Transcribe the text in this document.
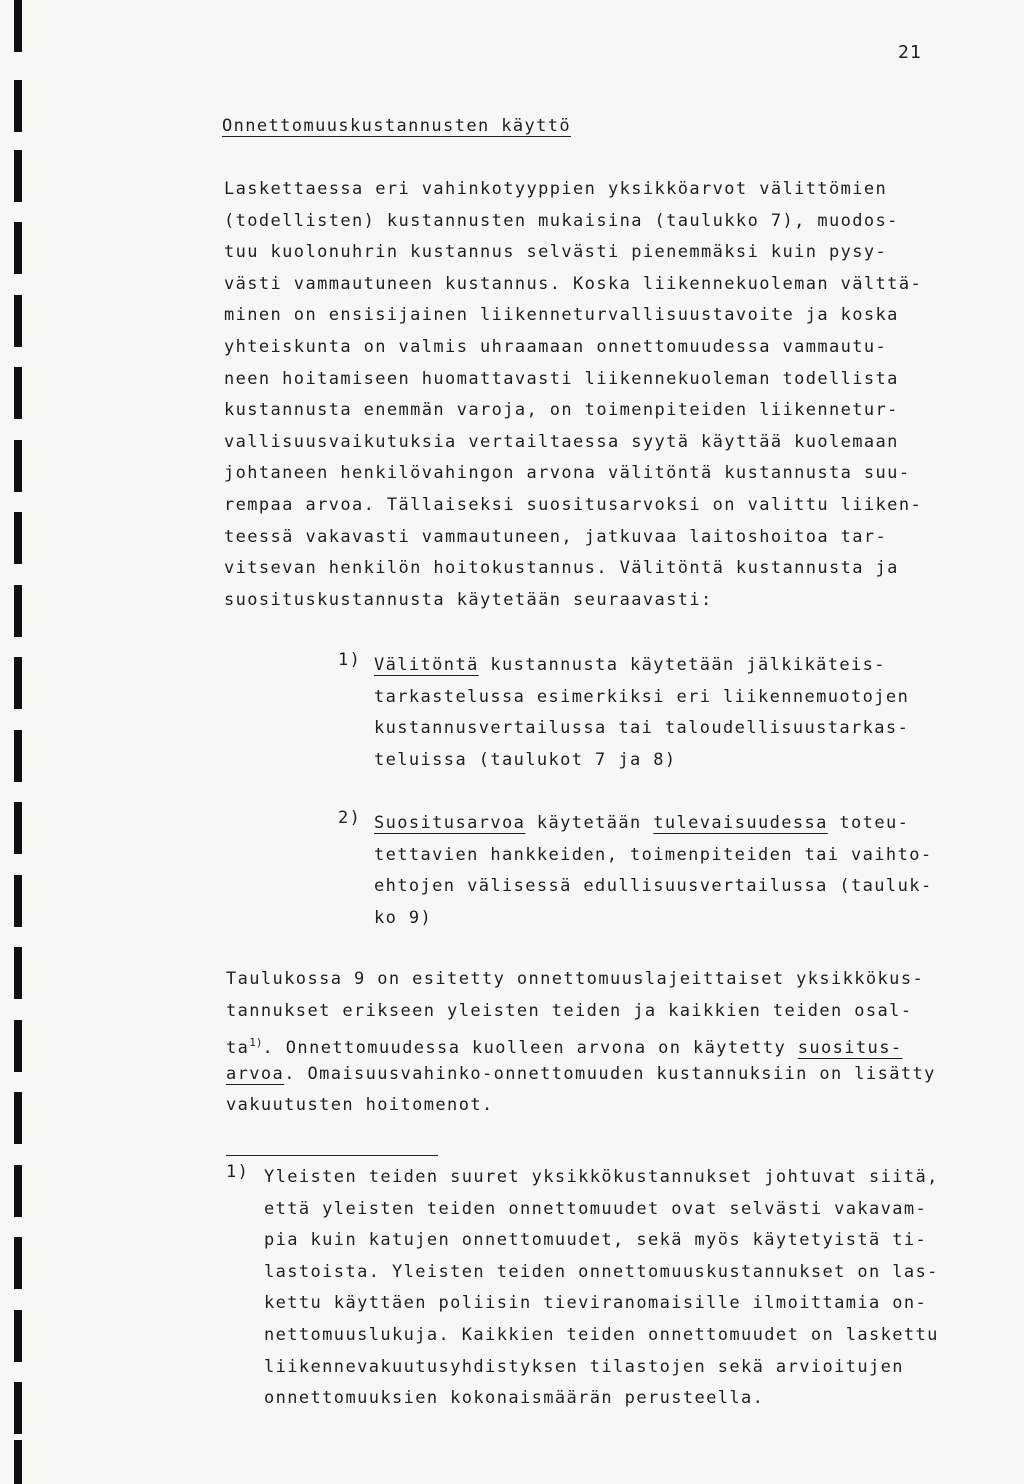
21
Onnettomuuskustannusten käyttö
Laskettaessa eri vahinkotyyppien yksikköarvot välittömien
(todellisten) kustannusten mukaisina (taulukko 7), muodos-
tuu kuolonuhrin kustannus selvästi pienemmäksi kuin pysy-
västi vammautuneen kustannus. Koska liikennekuoleman välttä-
minen on ensisijainen liikenneturvallisuustavoite ja koska
yhteiskunta on valmis uhraamaan onnettomuudessa vammautu-
neen hoitamiseen huomattavasti liikennekuoleman todellista
kustannusta enemmän varoja, on toimenpiteiden liikennetur-
vallisuusvaikutuksia vertailtaessa syytä käyttää kuolemaan
johtaneen henkilövahingon arvona välitöntä kustannusta suu-
rempaa arvoa. Tällaiseksi suositusarvoksi on valittu liiken-
teessä vakavasti vammautuneen, jatkuvaa laitoshoitoa tar-
vitsevan henkilön hoitokustannus. Välitöntä kustannusta ja
suosituskustannusta käytetään seuraavasti:
1) Välitöntä kustannusta käytetään jälkikäteis-
tarkastelussa esimerkiksi eri liikennemuotojen
kustannusvertailussa tai taloudellisuustarkas-
teluissa (taulukot 7 ja 8)
2) Suositusarvoa käytetään tulevaisuudessa toteu-
tettavien hankkeiden, toimenpiteiden tai vaihto-
ehtojen välisessä edullisuusvertailussa (tauluk-
ko 9)
Taulukossa 9 on esitetty onnettomuuslajeittaiset yksikkökus-
tannukset erikseen yleisten teiden ja kaikkien teiden osal-
ta$^{1)}$. Onnettomuudessa kuolleen arvona on käytetty suositus-
arvoa. Omaisuusvahinko-onnettomuuden kustannuksiin on lisätty
vakuutusten hoitomenot.
1) Yleisten teiden suuret yksikkökustannukset johtuvat siitä,
että yleisten teiden onnettomuudet ovat selvästi vakavam-
pia kuin katujen onnettomuudet, sekä myös käytetyistä ti-
lastoista. Yleisten teiden onnettomuuskustannukset on las-
kettu käyttäen poliisin tieviranomaisille ilmoittamia on-
nettomuuslukuja. Kaikkien teiden onnettomuudet on laskettu
liikennevakuutusyhdistyksen tilastojen sekä arvioitujen
onnettomuuksien kokonaismäärän perusteella.
